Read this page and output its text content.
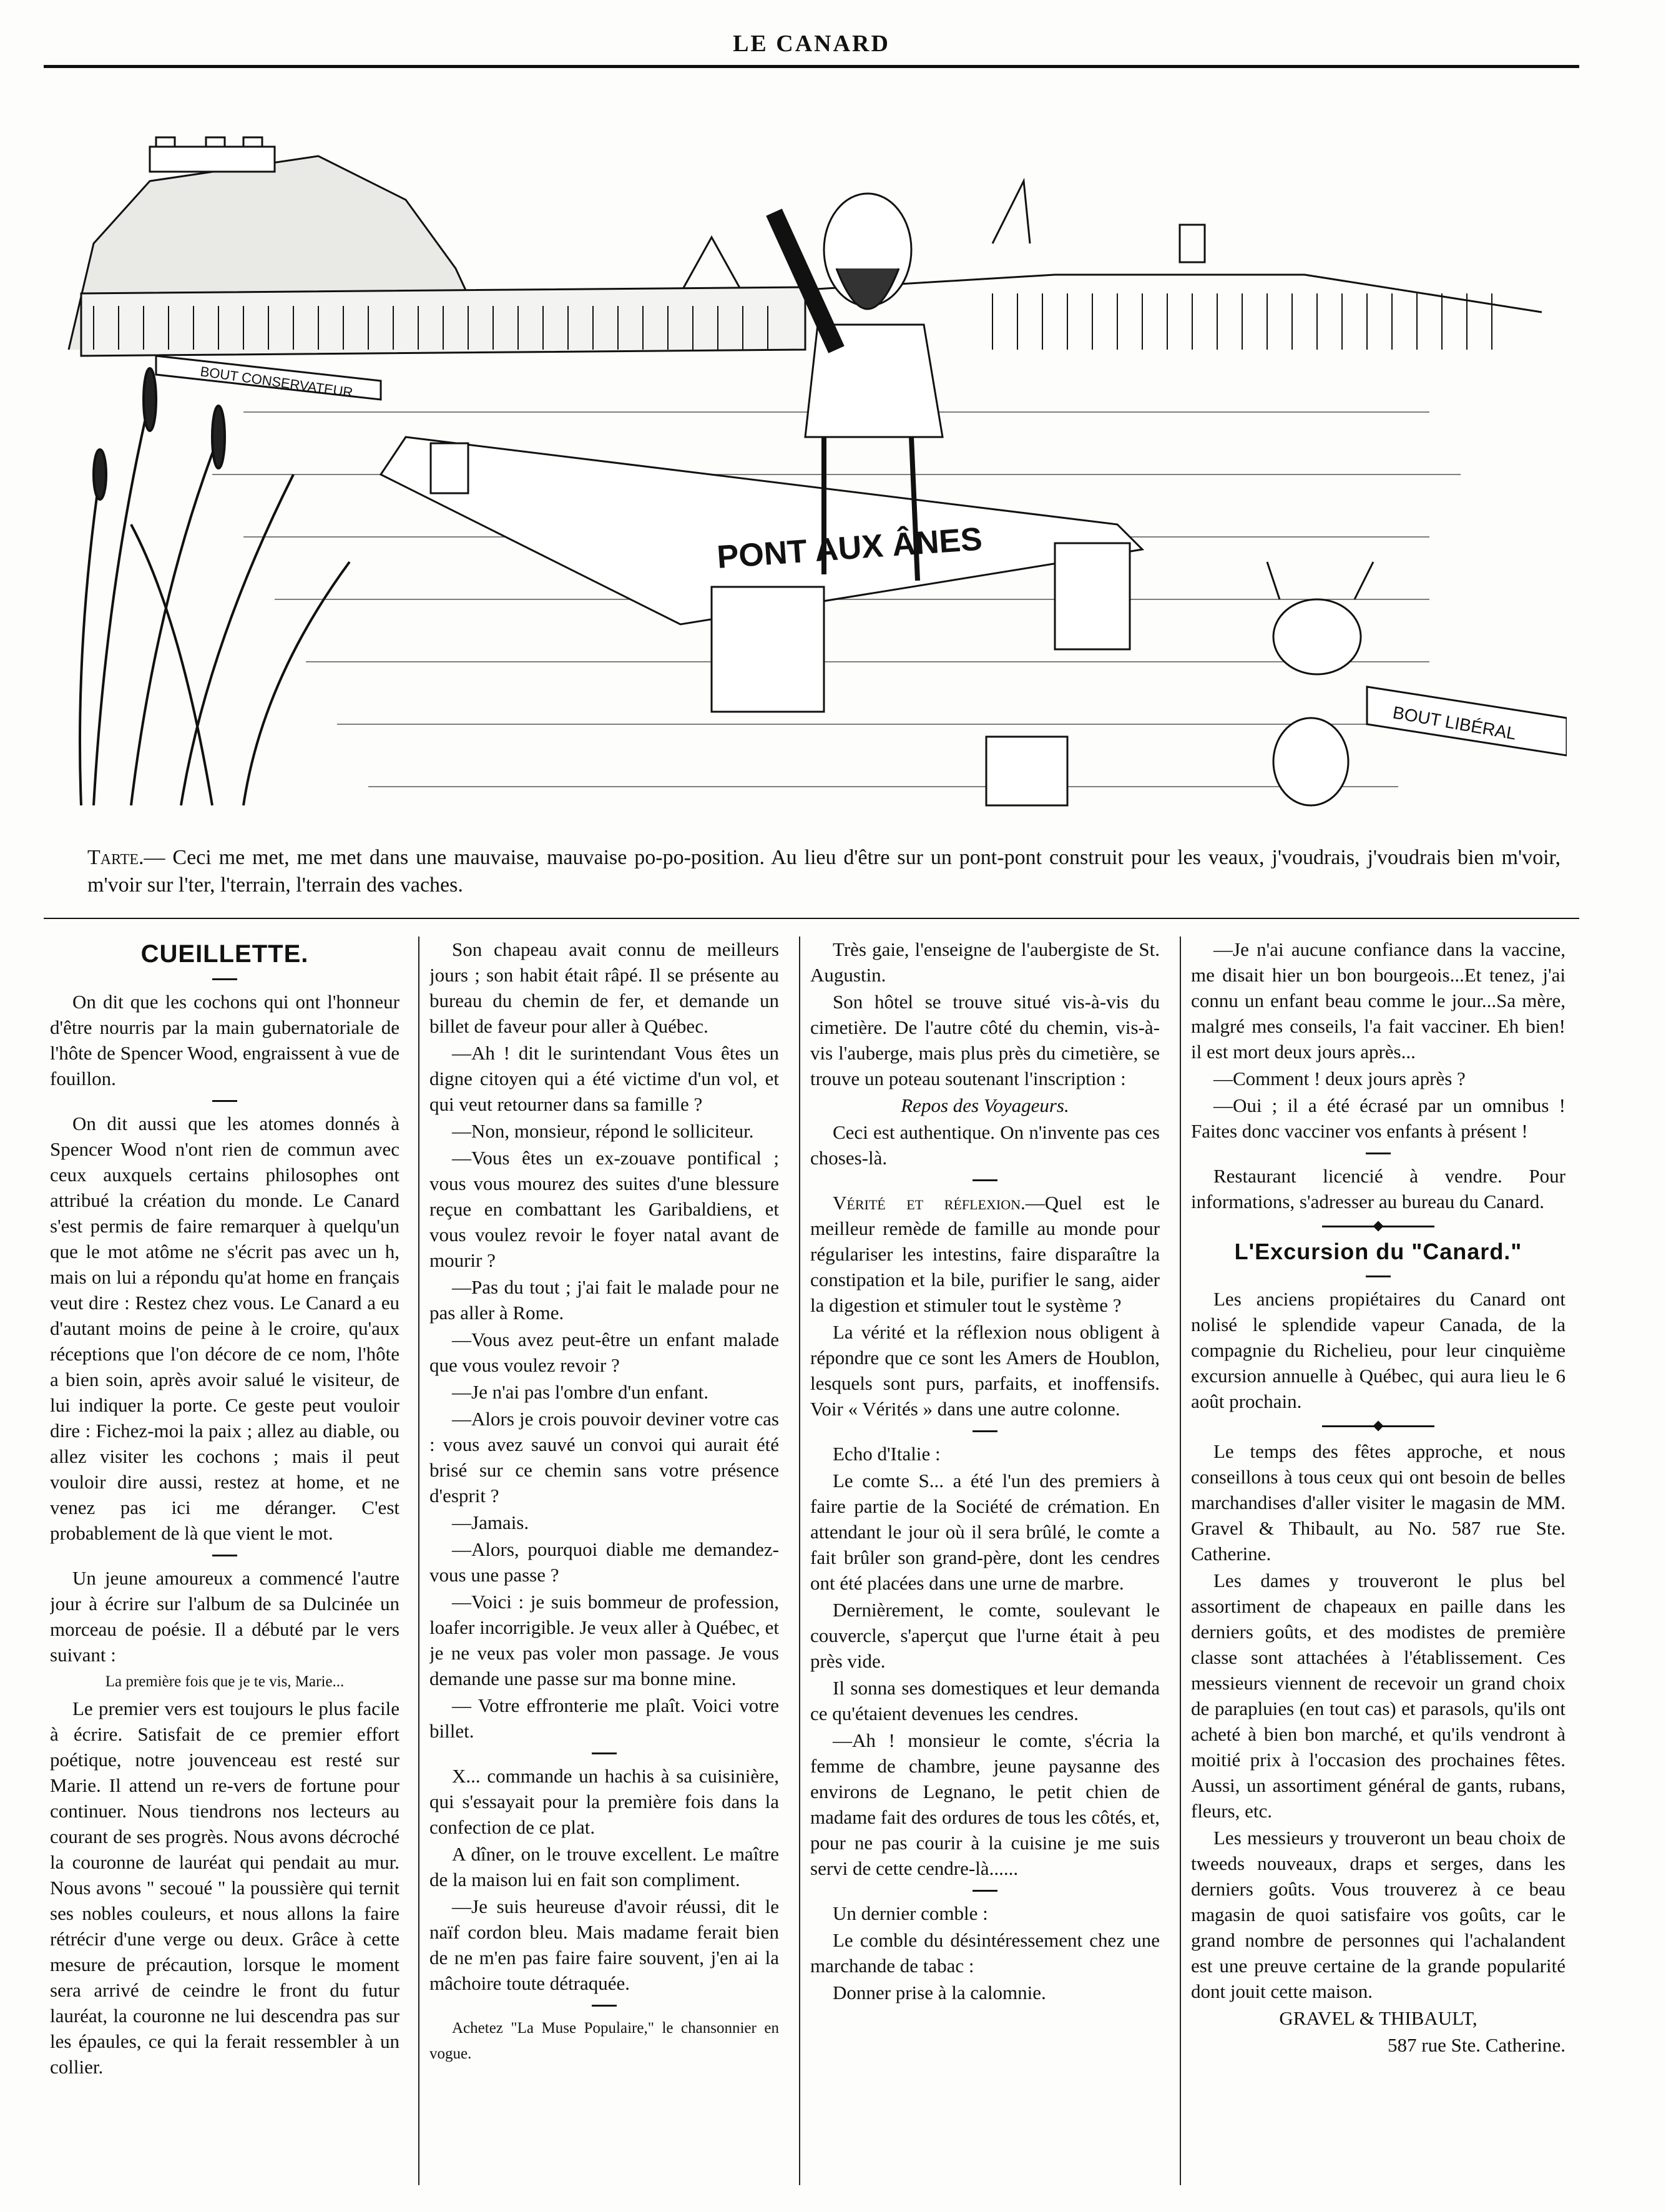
LE CANARD
BOUT CONSERVATEUR
PONT AUX ÂNES
BOUT LIBÉRAL
Tarte.— Ceci me met, me met dans une mauvaise, mauvaise po-po-position. Au lieu d'être sur un pont-pont construit pour les veaux, j'voudrais, j'voudrais bien m'voir, m'voir sur l'ter, l'terrain, l'terrain des vaches.
CUEILLETTE.

On dit que les cochons qui ont l'honneur d'être nourris par la main gubernatoriale de l'hôte de Spencer Wood, engraissent à vue de fouillon.

On dit aussi que les atomes donnés à Spencer Wood n'ont rien de commun avec ceux auxquels certains philosophes ont attribué la création du monde. Le Canard s'est permis de faire remarquer à quelqu'un que le mot atôme ne s'écrit pas avec un h, mais on lui a répondu qu'at home en français veut dire : Restez chez vous. Le Canard a eu d'autant moins de peine à le croire, qu'aux réceptions que l'on décore de ce nom, l'hôte a bien soin, après avoir salué le visiteur, de lui indiquer la porte. Ce geste peut vouloir dire : Fichez-moi la paix ; allez au diable, ou allez visiter les cochons ; mais il peut vouloir dire aussi, restez at home, et ne venez pas ici me déranger. C'est probablement de là que vient le mot.

Un jeune amoureux a commencé l'autre jour à écrire sur l'album de sa Dulcinée un morceau de poésie. Il a débuté par le vers suivant :

La première fois que je te vis, Marie...

Le premier vers est toujours le plus facile à écrire. Satisfait de ce premier effort poétique, notre jouvenceau est resté sur Marie. Il attend un re-vers de fortune pour continuer. Nous tiendrons nos lecteurs au courant de ses progrès. Nous avons décroché la couronne de lauréat qui pendait au mur. Nous avons " secoué " la poussière qui ternit ses nobles couleurs, et nous allons la faire rétrécir d'une verge ou deux. Grâce à cette mesure de précaution, lorsque le moment sera arrivé de ceindre le front du futur lauréat, la couronne ne lui descendra pas sur les épaules, ce qui la ferait ressembler à un collier.

Son chapeau avait connu de meilleurs jours ; son habit était râpé. Il se présente au bureau du chemin de fer, et demande un billet de faveur pour aller à Québec.

—Ah ! dit le surintendant Vous êtes un digne citoyen qui a été victime d'un vol, et qui veut retourner dans sa famille ?

—Non, monsieur, répond le solliciteur.

—Vous êtes un ex-zouave pontifical ; vous vous mourez des suites d'une blessure reçue en combattant les Garibaldiens, et vous voulez revoir le foyer natal avant de mourir ?

—Pas du tout ; j'ai fait le malade pour ne pas aller à Rome.

—Vous avez peut-être un enfant malade que vous voulez revoir ?

—Je n'ai pas l'ombre d'un enfant.

—Alors je crois pouvoir deviner votre cas : vous avez sauvé un convoi qui aurait été brisé sur ce chemin sans votre présence d'esprit ?

—Jamais.

—Alors, pourquoi diable me demandez-vous une passe ?

—Voici : je suis bommeur de profession, loafer incorrigible. Je veux aller à Québec, et je ne veux pas voler mon passage. Je vous demande une passe sur ma bonne mine.

— Votre effronterie me plaît. Voici votre billet.

X... commande un hachis à sa cuisinière, qui s'essayait pour la première fois dans la confection de ce plat.

A dîner, on le trouve excellent. Le maître de la maison lui en fait son compliment.

—Je suis heureuse d'avoir réussi, dit le naïf cordon bleu. Mais madame ferait bien de ne m'en pas faire faire souvent, j'en ai la mâchoire toute détraquée.

Achetez "La Muse Populaire," le chansonnier en vogue.

Très gaie, l'enseigne de l'aubergiste de St. Augustin.

Son hôtel se trouve situé vis-à-vis du cimetière. De l'autre côté du chemin, vis-à-vis l'auberge, mais plus près du cimetière, se trouve un poteau soutenant l'inscription :

Repos des Voyageurs.

Ceci est authentique. On n'invente pas ces choses-là.

Vérité et réflexion.—Quel est le meilleur remède de famille au monde pour régulariser les intestins, faire disparaître la constipation et la bile, purifier le sang, aider la digestion et stimuler tout le système ?

La vérité et la réflexion nous obligent à répondre que ce sont les Amers de Houblon, lesquels sont purs, parfaits, et inoffensifs. Voir « Vérités » dans une autre colonne.

Echo d'Italie :

Le comte S... a été l'un des premiers à faire partie de la Société de crémation. En attendant le jour où il sera brûlé, le comte a fait brûler son grand-père, dont les cendres ont été placées dans une urne de marbre.

Dernièrement, le comte, soulevant le couvercle, s'aperçut que l'urne était à peu près vide.

Il sonna ses domestiques et leur demanda ce qu'étaient devenues les cendres.

—Ah ! monsieur le comte, s'écria la femme de chambre, jeune paysanne des environs de Legnano, le petit chien de madame fait des ordures de tous les côtés, et, pour ne pas courir à la cuisine je me suis servi de cette cendre-là......

Un dernier comble :

Le comble du désintéressement chez une marchande de tabac :

Donner prise à la calomnie.

—Je n'ai aucune confiance dans la vaccine, me disait hier un bon bourgeois...Et tenez, j'ai connu un enfant beau comme le jour...Sa mère, malgré mes conseils, l'a fait vacciner. Eh bien! il est mort deux jours après...

—Comment ! deux jours après ?

—Oui ; il a été écrasé par un omnibus ! Faites donc vacciner vos enfants à présent !

Restaurant licencié à vendre. Pour informations, s'adresser au bureau du Canard.

L'Excursion du "Canard."

Les anciens propiétaires du Canard ont nolisé le splendide vapeur Canada, de la compagnie du Richelieu, pour leur cinquième excursion annuelle à Québec, qui aura lieu le 6 août prochain.

Le temps des fêtes approche, et nous conseillons à tous ceux qui ont besoin de belles marchandises d'aller visiter le magasin de MM. Gravel & Thibault, au No. 587 rue Ste. Catherine.

Les dames y trouveront le plus bel assortiment de chapeaux en paille dans les derniers goûts, et des modistes de première classe sont attachées à l'établissement. Ces messieurs viennent de recevoir un grand choix de parapluies (en tout cas) et parasols, qu'ils ont acheté à bien bon marché, et qu'ils vendront à moitié prix à l'occasion des prochaines fêtes. Aussi, un assortiment général de gants, rubans, fleurs, etc.

Les messieurs y trouveront un beau choix de tweeds nouveaux, draps et serges, dans les derniers goûts. Vous trouverez à ce beau magasin de quoi satisfaire vos goûts, car le grand nombre de personnes qui l'achalandent est une preuve certaine de la grande popularité dont jouit cette maison.

GRAVEL & THIBAULT,

587 rue Ste. Catherine.
